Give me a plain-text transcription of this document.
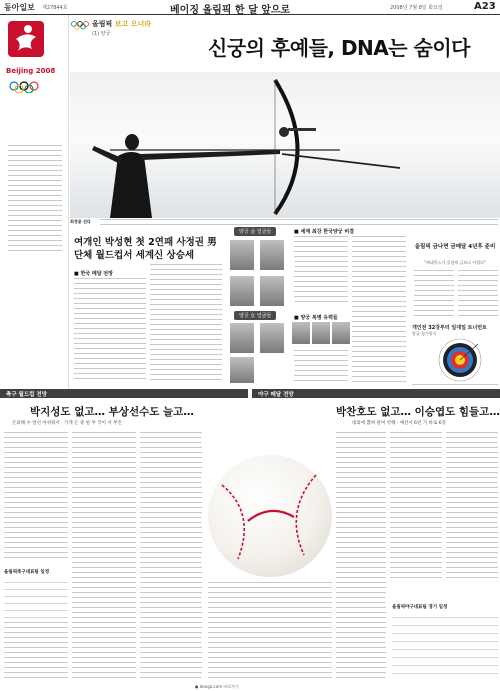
동아일보 제27844호	베이징 올림픽 한 달 앞으로	2008년 7월 8일 화요일	A23
Beijing 2008
올림픽 보고 오너라
(1) 양궁
신궁의 후예들, DNA는 숨이다
최정용 선다
여개인 박성현 첫 2연패 사정권 男단체 월드컵서 세계신 상승세
■ 한국 메달 전망
양궁 金 얼굴들
양궁 女 얼굴들
■ 세계 최강 한국양궁 비결
■ 양궁 복병 유력들
올림픽 금나면 금메달 4년후 준비
"베네릭스가 올림픽 급보다 어렵다"
개인전 32강부터 일대일 토너먼트
양궁 경기방식
축구 월드컵 전망	야구 메달 전망
박지성도 없고… 부상선수도 늘고…
은퇴해 수 앞선 아쉬워서 · 가게 돈 중 한 부 국이 서 부진
올림픽축구대표팀 일정
박찬호도 없고… 이승엽도 힘들고…
대외에 뽑혀 관여 약해 · 예선서 6전 가 바로 6강
올림픽야구대표팀 경기 일정
● donga.com 바로가기
